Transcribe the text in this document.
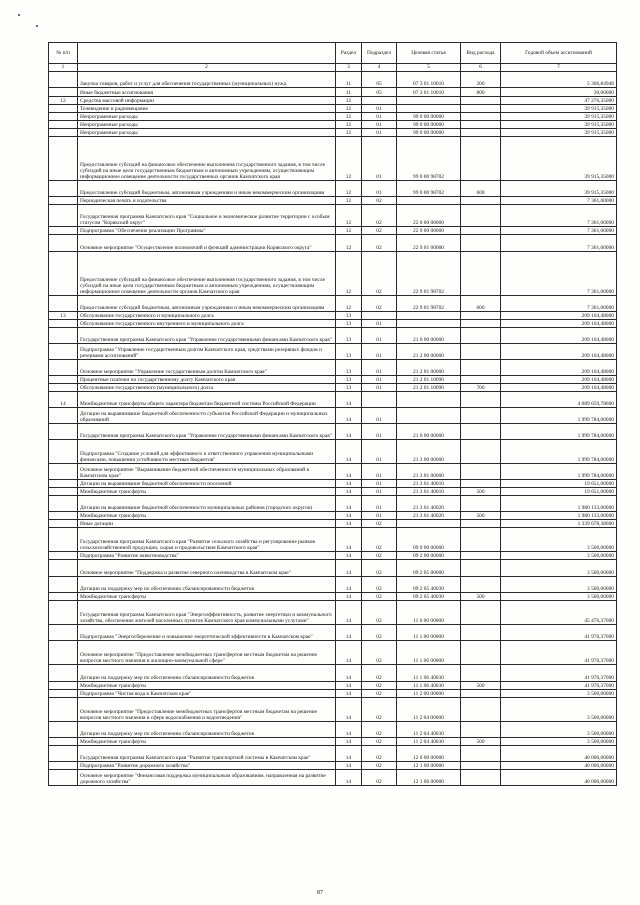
№ п/п		Раздел	Подраздел	Целевая статья	Вид расхода	Годовой объем ассигнований
1	2	3	4	5	6	7
	Закупка товаров, работ и услуг для обеспечения государственных (муниципальных) нужд	11	05	07 3 01 10010	200	5 366,84948
	Иные бюджетные ассигнования	11	05	07 3 01 10010	800	30,00000
12	Средства массовой информации	12				47 276,35000
	Телевидение и радиовещание	12	01			39 915,35000
	Непрограммные расходы	12	01	99 0 00 00000		39 915,35000
	Непрограммные расходы	12	01	99 0 00 00000		39 915,35000
	Непрограммные расходы	12	01	99 0 00 00000		39 915,35000
	Предоставление субсидий на финансовое обеспечение выполнения государственного задания, в том числе субсидий на иные цели государственным бюджетным и автономным учреждениям, осуществляющим информационное освещение деятельности государственных органов Камчатского края	12	01	99 0 00 98702		39 915,35000
	Предоставление субсидий бюджетным, автономным учреждениям и иным некоммерческим организациям	12	01	99 0 00 98702	600	39 915,35000
	Периодическая печать и издательства	12	02			7 361,00000
	Государственная программа Камчатского края "Социальное и экономическое развитие территории с особым статусом "Корякский округ"	12	02	22 0 00 00000		7 361,00000
	Подпрограмма "Обеспечение реализации Программы"	12	02	22 9 00 00000		7 361,00000
	Основное мероприятие "Осуществление полномочий и функций администрации Корякского округа"	12	02	22 9 01 00000		7 361,00000
	Предоставление субсидий на финансовое обеспечение выполнения государственного задания, в том числе субсидий на иные цели государственным бюджетным и автономным учреждениям, осуществляющим информационное освещение деятельности органов Камчатского края	12	02	22 9 01 98702		7 361,00000
	Предоставление субсидий бюджетным, автономным учреждениям и иным некоммерческим организациям	12	02	22 9 01 98702	600	7 361,00000
13	Обслуживание государственного и муниципального долга	13				209 164,48000
	Обслуживание государственного внутреннего и муниципального долга	13	01			209 164,48000
	Государственная программа Камчатского края "Управление государственными финансами Камчатского края"	13	01	21 0 00 00000		209 164,48000
	Подпрограмма "Управление государственным долгом Камчатского края, средствами резервных фондов и резервами ассигнований"	13	01	21 2 00 00000		209 164,48000
	Основное мероприятие "Управление государственным долгом Камчатского края"	13	01	21 2 01 00000		209 164,48000
	Процентные платежи по государственному долгу Камчатского края	13	01	21 2 01 10090		209 164,48000
	Обслуживание государственного (муниципального) долга	13	01	21 2 01 10090	700	209 164,48000
14	Межбюджетные трансферты общего характера бюджетам бюджетной системы Российской Федерации	14				4 089 659,78600
	Дотации на выравнивание бюджетной обеспеченности субъектов Российской Федерации и муниципальных образований	14	01			1 999 784,00000
	Государственная программа Камчатского края "Управление государственными финансами Камчатского края"	14	01	21 0 00 00000		1 999 784,00000
	Подпрограмма "Создание условий для эффективного и ответственного управления муниципальными финансами, повышения устойчивости местных бюджетов"	14	01	21 3 00 00000		1 999 784,00000
	Основное мероприятие "Выравнивание бюджетной обеспеченности муниципальных образований в Камчатском крае"	14	01	21 3 01 00000		1 999 784,00000
	Дотации на выравнивание бюджетной обеспеченности поселений	14	01	21 3 01 40010		19 651,00000
	Межбюджетные трансферты	14	01	21 3 01 40010	500	19 651,00000
	Дотации на выравнивание бюджетной обеспеченности муниципальных районов (городских округов)	14	01	21 3 01 40020		1 980 133,00000
	Межбюджетные трансферты	14	01	21 3 01 40020	500	1 980 133,00000
	Иные дотации	14	02			1 339 678,38600
	Государственная программа Камчатского края "Развитие сельского хозяйства и регулирование рынков сельскохозяйственной продукции, сырья и продовольствия Камчатского края"	14	02	09 0 00 00000		3 500,00000
	Подпрограмма "Развитие животноводства"	14	02	09 2 00 00000		3 500,00000
	Основное мероприятие "Поддержка и развитие северного оленеводства в Камчатском крае"	14	02	09 2 05 00000		3 500,00000
	Дотации на поддержку мер по обеспечению сбалансированности бюджетов	14	02	09 2 05 40030		3 500,00000
	Межбюджетные трансферты	14	02	09 2 05 40030	500	3 500,00000
	Государственная программа Камчатского края "Энергоэффективность, развитие энергетики и коммунального хозяйства, обеспечение жителей населенных пунктов Камчатского края коммунальными услугами"	14	02	11 0 00 00000		45 476,37000
	Подпрограмма "Энергосбережение и повышение энергетической эффективности в Камчатском крае"	14	02	11 1 00 00000		41 976,37000
	Основное мероприятие "Предоставление межбюджетных трансфертов местным бюджетам на решение вопросов местного значения в жилищно-коммунальной сфере"	14	02	11 1 06 00000		41 976,37000
	Дотации на поддержку мер по обеспечению сбалансированности бюджетов	14	02	11 1 06 40030		41 976,37000
	Межбюджетные трансферты	14	02	11 1 06 40030	500	41 976,37000
	Подпрограмма "Чистая вода в Камчатском крае"	14	02	11 2 00 00000		3 500,00000
	Основное мероприятие "Предоставление межбюджетных трансфертов местным бюджетам на решение вопросов местного значения в сфере водоснабжения и водоотведения"	14	02	11 2 04 00000		3 500,00000
	Дотации на поддержку мер по обеспечению сбалансированности бюджетов	14	02	11 2 04 40030		3 500,00000
	Межбюджетные трансферты	14	02	11 2 04 40030	500	3 500,00000
	Государственная программа Камчатского края "Развитие транспортной системы в Камчатском крае"	14	02	12 0 00 00000		40 000,00000
	Подпрограмма "Развитие дорожного хозяйства"	14	02	12 1 00 00000		40 000,00000
	Основное мероприятие "Финансовая поддержка муниципальным образованиям, направленная на развитие дорожного хозяйства"	14	02	12 1 06 00000		40 000,00000
87
